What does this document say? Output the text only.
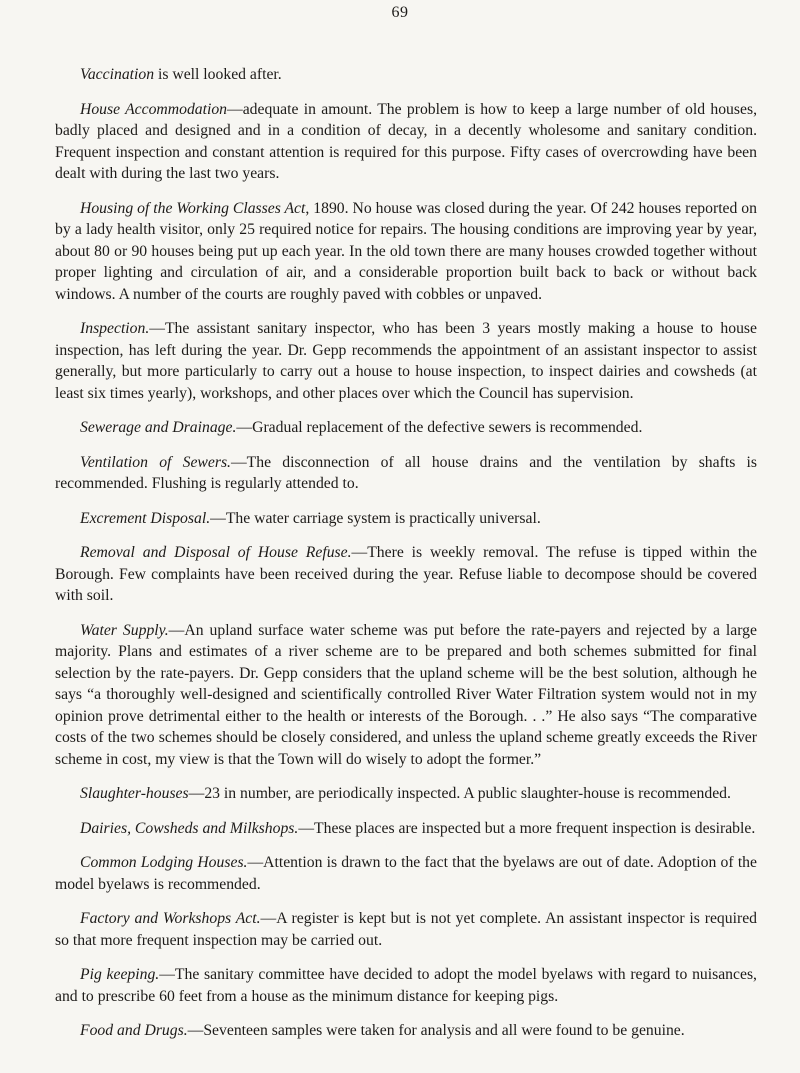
69

Vaccination is well looked after.

House Accommodation—adequate in amount. The problem is how to keep a large number of old houses, badly placed and designed and in a condition of decay, in a decently wholesome and sanitary condition. Frequent inspection and constant attention is required for this purpose. Fifty cases of overcrowding have been dealt with during the last two years.

Housing of the Working Classes Act, 1890. No house was closed during the year. Of 242 houses reported on by a lady health visitor, only 25 required notice for repairs. The housing conditions are improving year by year, about 80 or 90 houses being put up each year. In the old town there are many houses crowded together without proper lighting and circulation of air, and a considerable proportion built back to back or without back windows. A number of the courts are roughly paved with cobbles or unpaved.

Inspection.—The assistant sanitary inspector, who has been 3 years mostly making a house to house inspection, has left during the year. Dr. Gepp recommends the appointment of an assistant inspector to assist generally, but more particularly to carry out a house to house inspection, to inspect dairies and cowsheds (at least six times yearly), workshops, and other places over which the Council has supervision.

Sewerage and Drainage.—Gradual replacement of the defective sewers is recommended.

Ventilation of Sewers.—The disconnection of all house drains and the ventilation by shafts is recommended. Flushing is regularly attended to.

Excrement Disposal.—The water carriage system is practically universal.

Removal and Disposal of House Refuse.—There is weekly removal. The refuse is tipped within the Borough. Few complaints have been received during the year. Refuse liable to decompose should be covered with soil.

Water Supply.—An upland surface water scheme was put before the rate-payers and rejected by a large majority. Plans and estimates of a river scheme are to be prepared and both schemes submitted for final selection by the rate-payers. Dr. Gepp considers that the upland scheme will be the best solution, although he says “a thoroughly well-designed and scientifically controlled River Water Filtration system would not in my opinion prove detrimental either to the health or interests of the Borough. . .” He also says “The comparative costs of the two schemes should be closely considered, and unless the upland scheme greatly exceeds the River scheme in cost, my view is that the Town will do wisely to adopt the former.”

Slaughter-houses—23 in number, are periodically inspected. A public slaughter-house is recommended.

Dairies, Cowsheds and Milkshops.—These places are inspected but a more frequent inspection is desirable.

Common Lodging Houses.—Attention is drawn to the fact that the byelaws are out of date. Adoption of the model byelaws is recommended.

Factory and Workshops Act.—A register is kept but is not yet complete. An assistant inspector is required so that more frequent inspection may be carried out.

Pig keeping.—The sanitary committee have decided to adopt the model byelaws with regard to nuisances, and to prescribe 60 feet from a house as the minimum distance for keeping pigs.

Food and Drugs.—Seventeen samples were taken for analysis and all were found to be genuine.
